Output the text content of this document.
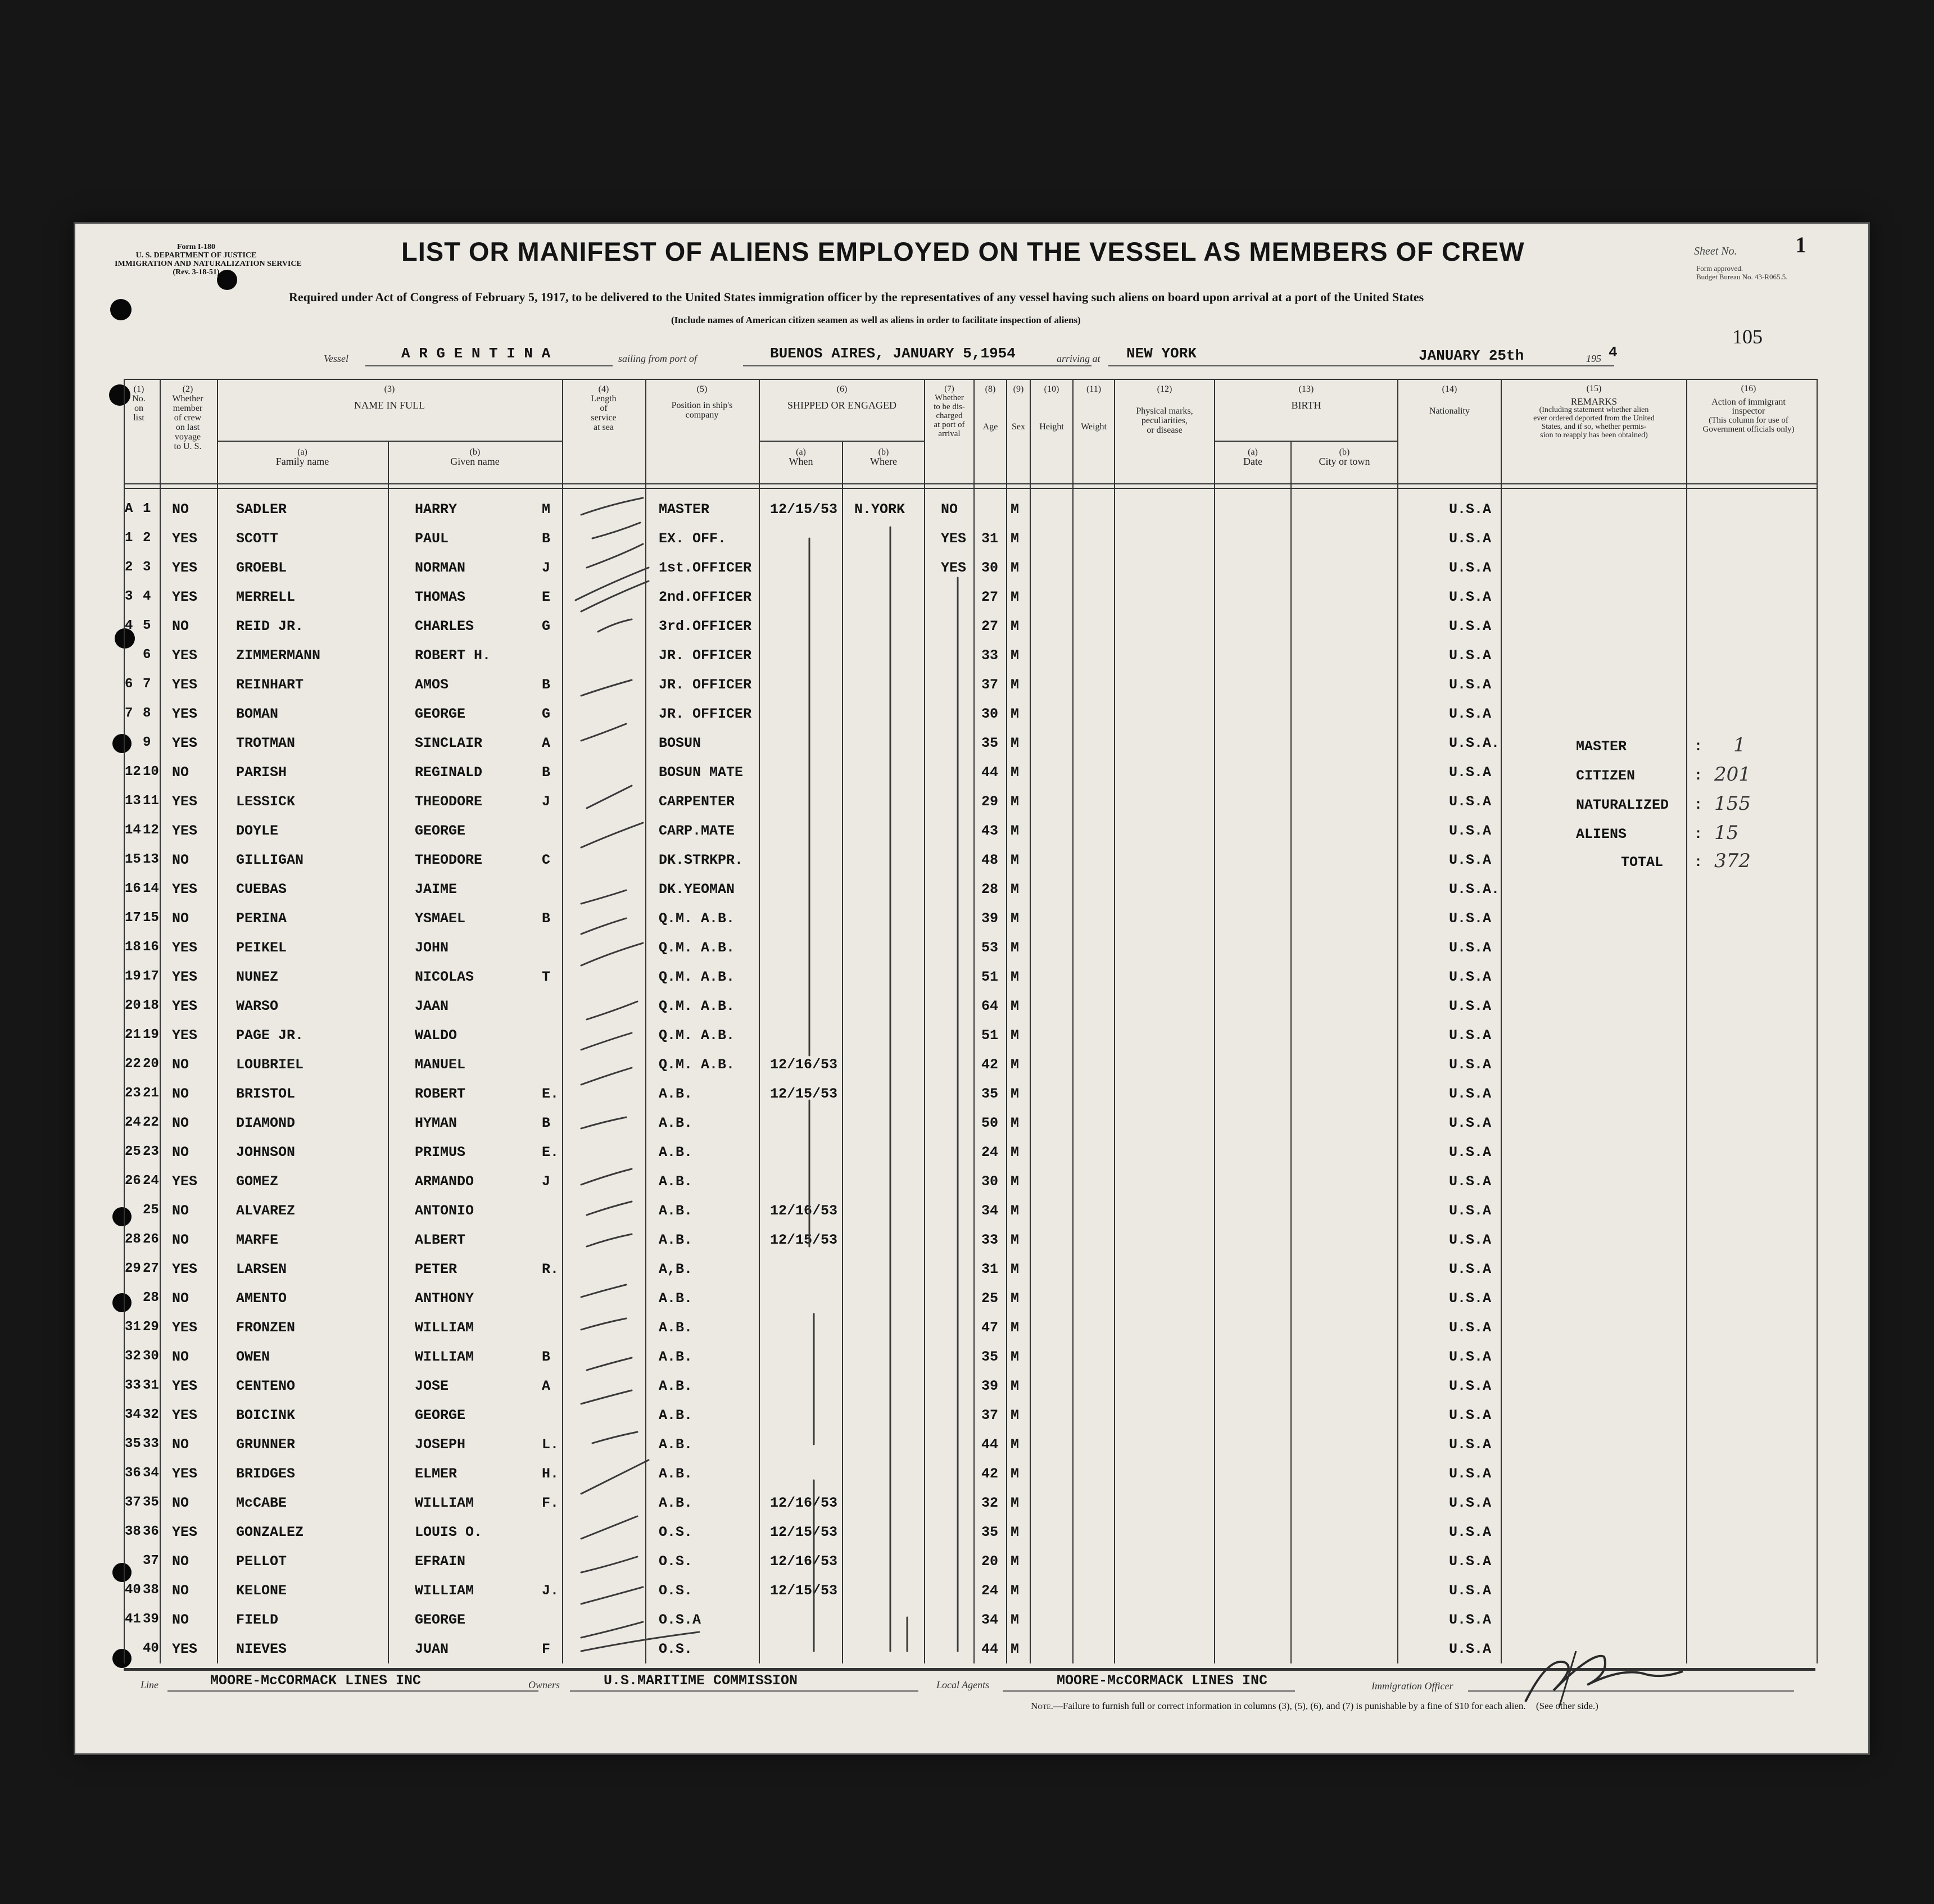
Form I-180
U. S. DEPARTMENT OF JUSTICE
IMMIGRATION AND NATURALIZATION SERVICE
(Rev. 3-18-51)
LIST OR MANIFEST OF ALIENS EMPLOYED ON THE VESSEL AS MEMBERS OF CREW	Sheet No.	1
Form approved.
Budget Bureau No. 43-R065.5.
Required under Act of Congress of February 5, 1917, to be delivered to the United States immigration officer by the representatives of any vessel having such aliens on board upon arrival at a port of the United States
(Include names of American citizen seamen as well as aliens in order to facilitate inspection of aliens)
105
Vessel	A R G E N T I N A	sailing from port of	BUENOS AIRES, JANUARY 5,1954	arriving at NEW YORK	JANUARY 25th	195 4
(1)
No.
on
list
(2)
Whether
member
of crew
on last
voyage
to U. S.
(3)
NAME IN FULL
(a)
Family name
(b)
Given name
(4)
Length
of
service
at sea
(5)
Position in ship's
company
(6)
SHIPPED OR ENGAGED
(a)
When
(b)
Where
(7)
Whether
to be dis-
charged
at port of
arrival
(8)
Age
(9)
Sex
(10)
Height
(11)
Weight
(12)
Physical marks,
peculiarities,
or disease
(13)
BIRTH
(a)
Date
(b)
City or town
(14)
Nationality
(15)
REMARKS
(Including statement whether alien
ever ordered deported from the United
States, and if so, whether permis-
sion to reapply has been obtained)
(16)
Action of immigrant
inspector
(This column for use of
Government officials only)
A 1 NO	SADLER	HARRY	M	MASTER	12/15/53 N.YORK	NO	M	U.S.A
1 2 YES	SCOTT	PAUL	B	EX. OFF.	YES 31 M	U.S.A
2 3 YES	GROEBL	NORMAN	J	1st.OFFICER	YES 30 M	U.S.A
3 4 YES	MERRELL	THOMAS	E	2nd.OFFICER	27 M	U.S.A
4 5 NO	REID JR.	CHARLES	G	3rd.OFFICER	27 M	U.S.A
6 YES	ZIMMERMANN	ROBERT H.	JR. OFFICER	33 M	U.S.A
6 7 YES	REINHART	AMOS	B	JR. OFFICER	37 M	U.S.A
7 8 YES	BOMAN	GEORGE	G	JR. OFFICER	30 M	U.S.A
9 YES	TROTMAN	SINCLAIR	A	BOSUN	35 M	U.S.A.
12 10 NO	PARISH	REGINALD	B	BOSUN MATE	44 M	U.S.A
13 11 YES	LESSICK	THEODORE	J	CARPENTER	29 M	U.S.A
14 12 YES	DOYLE	GEORGE	CARP.MATE	43 M	U.S.A
15 13 NO	GILLIGAN	THEODORE	C	DK.STRKPR.	48 M	U.S.A
16 14 YES	CUEBAS	JAIME	DK.YEOMAN	28 M	U.S.A.
17 15 NO	PERINA	YSMAEL	B	Q.M. A.B.	39 M	U.S.A
18 16 YES	PEIKEL	JOHN	Q.M. A.B.	53 M	U.S.A
19 17 YES	NUNEZ	NICOLAS	T	Q.M. A.B.	51 M	U.S.A
20 18 YES	WARSO	JAAN	Q.M. A.B.	64 M	U.S.A
21 19 YES	PAGE JR.	WALDO	Q.M. A.B.	51 M	U.S.A
22 20 NO	LOUBRIEL	MANUEL	Q.M. A.B.	12/16/53	42 M	U.S.A
23 21 NO	BRISTOL	ROBERT	E.	A.B.	12/15/53	35 M	U.S.A
24 22 NO	DIAMOND	HYMAN	B	A.B.	50 M	U.S.A
25 23 NO	JOHNSON	PRIMUS	E.	A.B.	24 M	U.S.A
26 24 YES	GOMEZ	ARMANDO	J	A.B.	30 M	U.S.A
25 NO	ALVAREZ	ANTONIO	A.B.	12/16/53	34 M	U.S.A
28 26 NO	MARFE	ALBERT	A.B.	12/15/53	33 M	U.S.A
29 27 YES	LARSEN	PETER	R.	A,B.	31 M	U.S.A
28 NO	AMENTO	ANTHONY	A.B.	25 M	U.S.A
31 29 YES	FRONZEN	WILLIAM	A.B.	47 M	U.S.A
32 30 NO	OWEN	WILLIAM	B	A.B.	35 M	U.S.A
33 31 YES	CENTENO	JOSE	A	A.B.	39 M	U.S.A
34 32 YES	BOICINK	GEORGE	A.B.	37 M	U.S.A
35 33 NO	GRUNNER	JOSEPH	L.	A.B.	44 M	U.S.A
36 34 YES	BRIDGES	ELMER	H.	A.B.	42 M	U.S.A
37 35 NO	McCABE	WILLIAM	F.	A.B.	12/16/53	32 M	U.S.A
38 36 YES	GONZALEZ	LOUIS O.	O.S.	12/15/53	35 M	U.S.A
37 NO	PELLOT	EFRAIN	O.S.	12/16/53	20 M	U.S.A
40 38 NO	KELONE	WILLIAM	J.	O.S.	12/15/53	24 M	U.S.A
41 39 NO	FIELD	GEORGE	O.S.A	34 M	U.S.A
40 YES	NIEVES	JUAN	F	O.S.	44 M	U.S.A
MASTER	: 1
CITIZEN	: 201
NATURALIZED : 155
ALIENS	: 15
TOTAL : 372
Line	MOORE-McCORMACK LINES INC	Owners	U.S.MARITIME COMMISSION	Local Agents	MOORE-McCORMACK LINES INC	Immigration Officer
Note.—Failure to furnish full or correct information in columns (3), (5), (6), and (7) is punishable by a fine of $10 for each alien. (See other side.)
